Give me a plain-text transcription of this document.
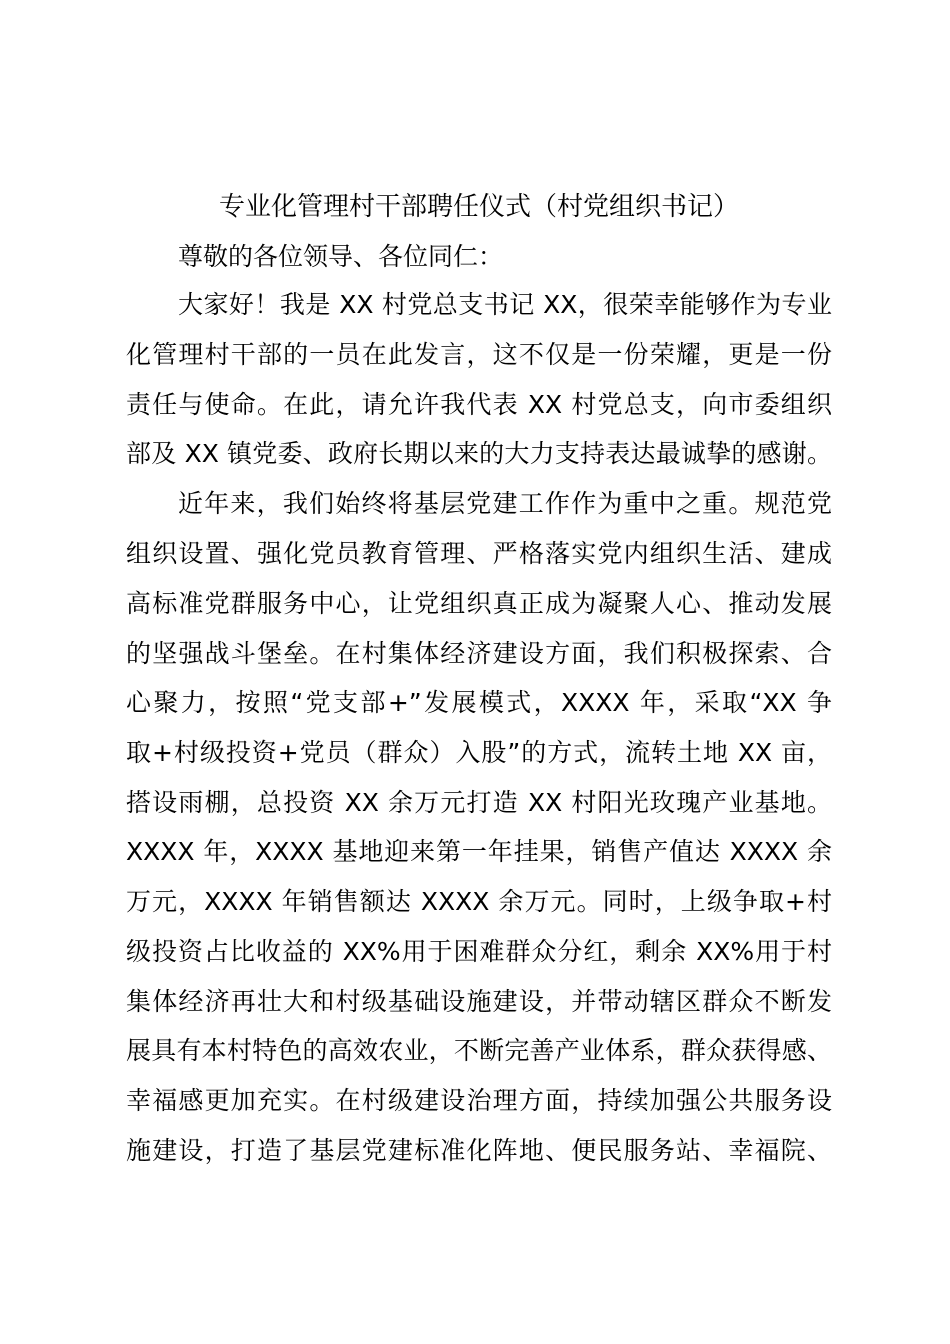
专业化管理村干部聘任仪式（村党组织书记）
尊敬的各位领导、各位同仁：
大家好！我是 XX 村党总支书记 XX，很荣幸能够作为专业
化管理村干部的一员在此发言，这不仅是一份荣耀，更是一份
责任与使命。在此，请允许我代表 XX 村党总支，向市委组织
部及 XX 镇党委、政府长期以来的大力支持表达最诚挚的感谢。
近年来，我们始终将基层党建工作作为重中之重。规范党
组织设置、强化党员教育管理、严格落实党内组织生活、建成
高标准党群服务中心，让党组织真正成为凝聚人心、推动发展
的坚强战斗堡垒。在村集体经济建设方面，我们积极探索、合
心聚力，按照“党支部+”发展模式，XXXX 年，采取“XX 争
取+村级投资+党员（群众）入股”的方式，流转土地 XX 亩，
搭设雨棚，总投资 XX 余万元打造 XX 村阳光玫瑰产业基地。
XXXX 年，XXXX 基地迎来第一年挂果，销售产值达 XXXX 余
万元，XXXX 年销售额达 XXXX 余万元。同时，上级争取+村
级投资占比收益的 XX%用于困难群众分红，剩余 XX%用于村
集体经济再壮大和村级基础设施建设，并带动辖区群众不断发
展具有本村特色的高效农业，不断完善产业体系，群众获得感、
幸福感更加充实。在村级建设治理方面，持续加强公共服务设
施建设，打造了基层党建标准化阵地、便民服务站、幸福院、
